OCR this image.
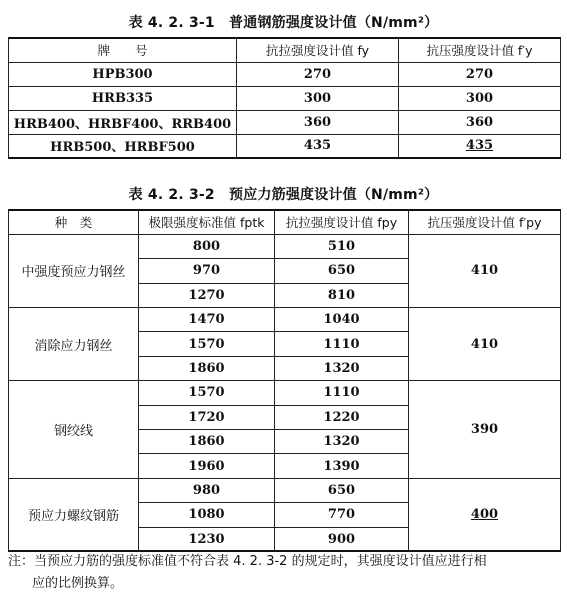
表 4. 2. 3-1　普通钢筋强度设计值（N/mm²）
牌　　号	抗拉强度设计值 fy	抗压强度设计值 f′y
HPB300	270	270
HRB335	300	300
HRB400、HRBF400、RRB400	360	360
HRB500、HRBF500	435	435
表 4. 2. 3-2　预应力筋强度设计值（N/mm²）
种　类	极限强度标准值 fptk	抗拉强度设计值 fpy	抗压强度设计值 f′py
中强度预应力钢丝	800	510	410
	970	650	
	1270	810	
消除应力钢丝	1470	1040	410
	1570	1110	
	1860	1320	
钢绞线	1570	1110	390
	1720	1220	
	1860	1320	
	1960	1390	
预应力螺纹钢筋	980	650	400
	1080	770	
	1230	900	
注：当预应力筋的强度标准值不符合表 4. 2. 3-2 的规定时，其强度设计值应进行相
应的比例换算。
